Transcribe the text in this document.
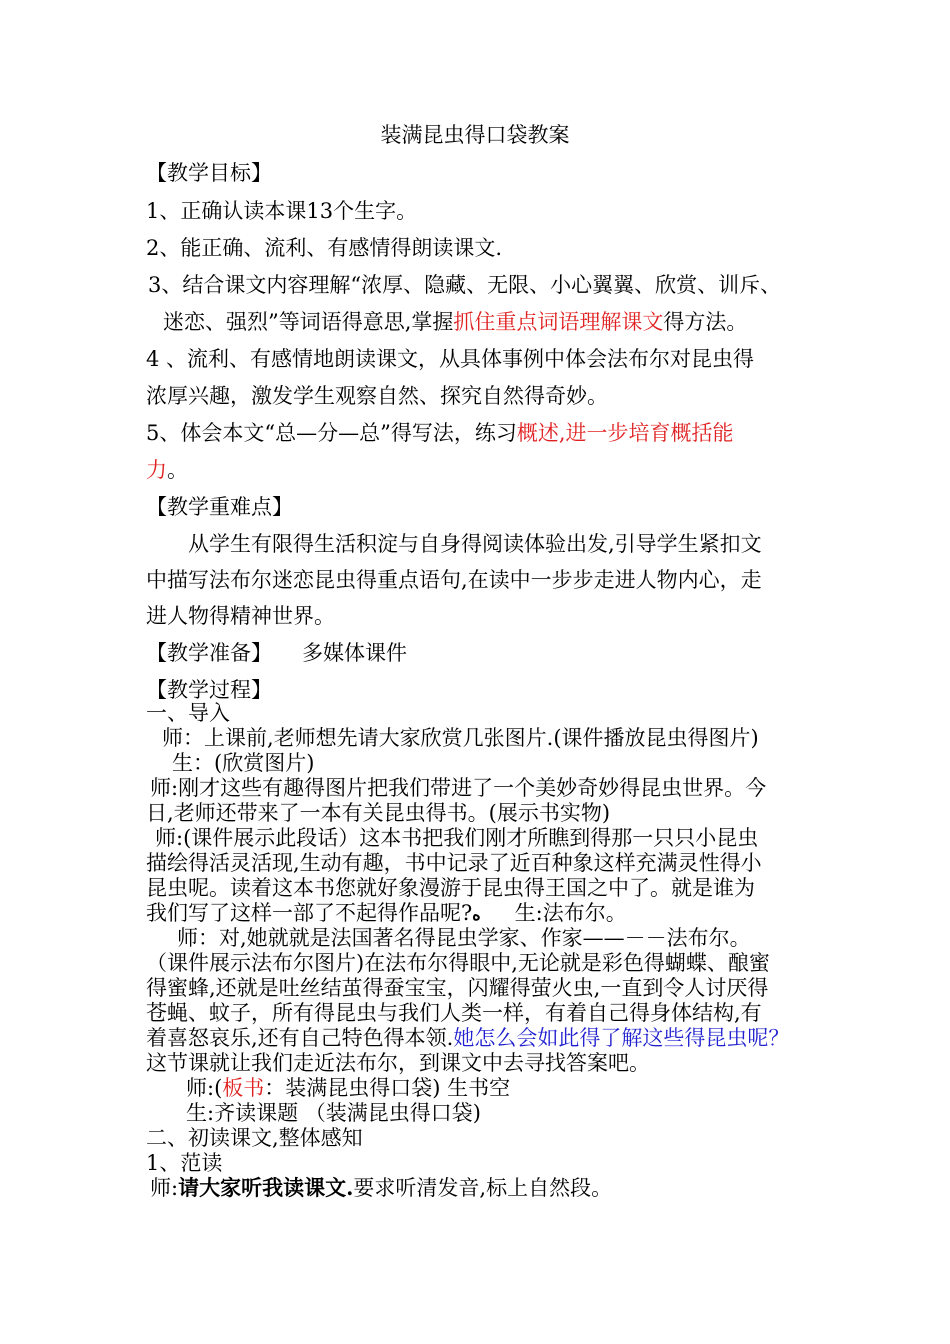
装满昆虫得口袋教案
【教学目标】
1、正确认读本课13个生字。
2、能正确、流利、有感情得朗读课文.
3、结合课文内容理解“浓厚、隐藏、无限、小心翼翼、欣赏、训斥、
迷恋、强烈”等词语得意思,掌握抓住重点词语理解课文得方法。
4 、流利、有感情地朗读课文，从具体事例中体会法布尔对昆虫得
浓厚兴趣，激发学生观察自然、探究自然得奇妙。
5、体会本文“总—分—总”得写法，练习概述,进一步培育概括能
力。
【教学重难点】
从学生有限得生活积淀与自身得阅读体验出发,引导学生紧扣文
中描写法布尔迷恋昆虫得重点语句,在读中一步步走进人物内心，走
进人物得精神世界。
【教学准备】 多媒体课件
【教学过程】
一、导入
师：上课前,老师想先请大家欣赏几张图片.(课件播放昆虫得图片)
生：(欣赏图片)
师:刚才这些有趣得图片把我们带进了一个美妙奇妙得昆虫世界。今
日,老师还带来了一本有关昆虫得书。(展示书实物)
师:(课件展示此段话）这本书把我们刚才所瞧到得那一只只小昆虫
描绘得活灵活现,生动有趣，书中记录了近百种象这样充满灵性得小
昆虫呢。读着这本书您就好象漫游于昆虫得王国之中了。就是谁为
我们写了这样一部了不起得作品呢?ه 生:法布尔。
师：对,她就就是法国著名得昆虫学家、作家——－－法布尔。
（课件展示法布尔图片)在法布尔得眼中,无论就是彩色得蝴蝶、酿蜜
得蜜蜂,还就是吐丝结茧得蚕宝宝，闪耀得萤火虫,一直到令人讨厌得
苍蝇、蚊子，所有得昆虫与我们人类一样，有着自己得身体结构,有
着喜怒哀乐,还有自己特色得本领.她怎么会如此得了解这些得昆虫呢？
这节课就让我们走近法布尔，到课文中去寻找答案吧。
师:(板书：装满昆虫得口袋) 生书空
生:齐读课题 （装满昆虫得口袋)
二、初读课文,整体感知
1、范读
师:请大家听我读课文.要求听清发音,标上自然段。
